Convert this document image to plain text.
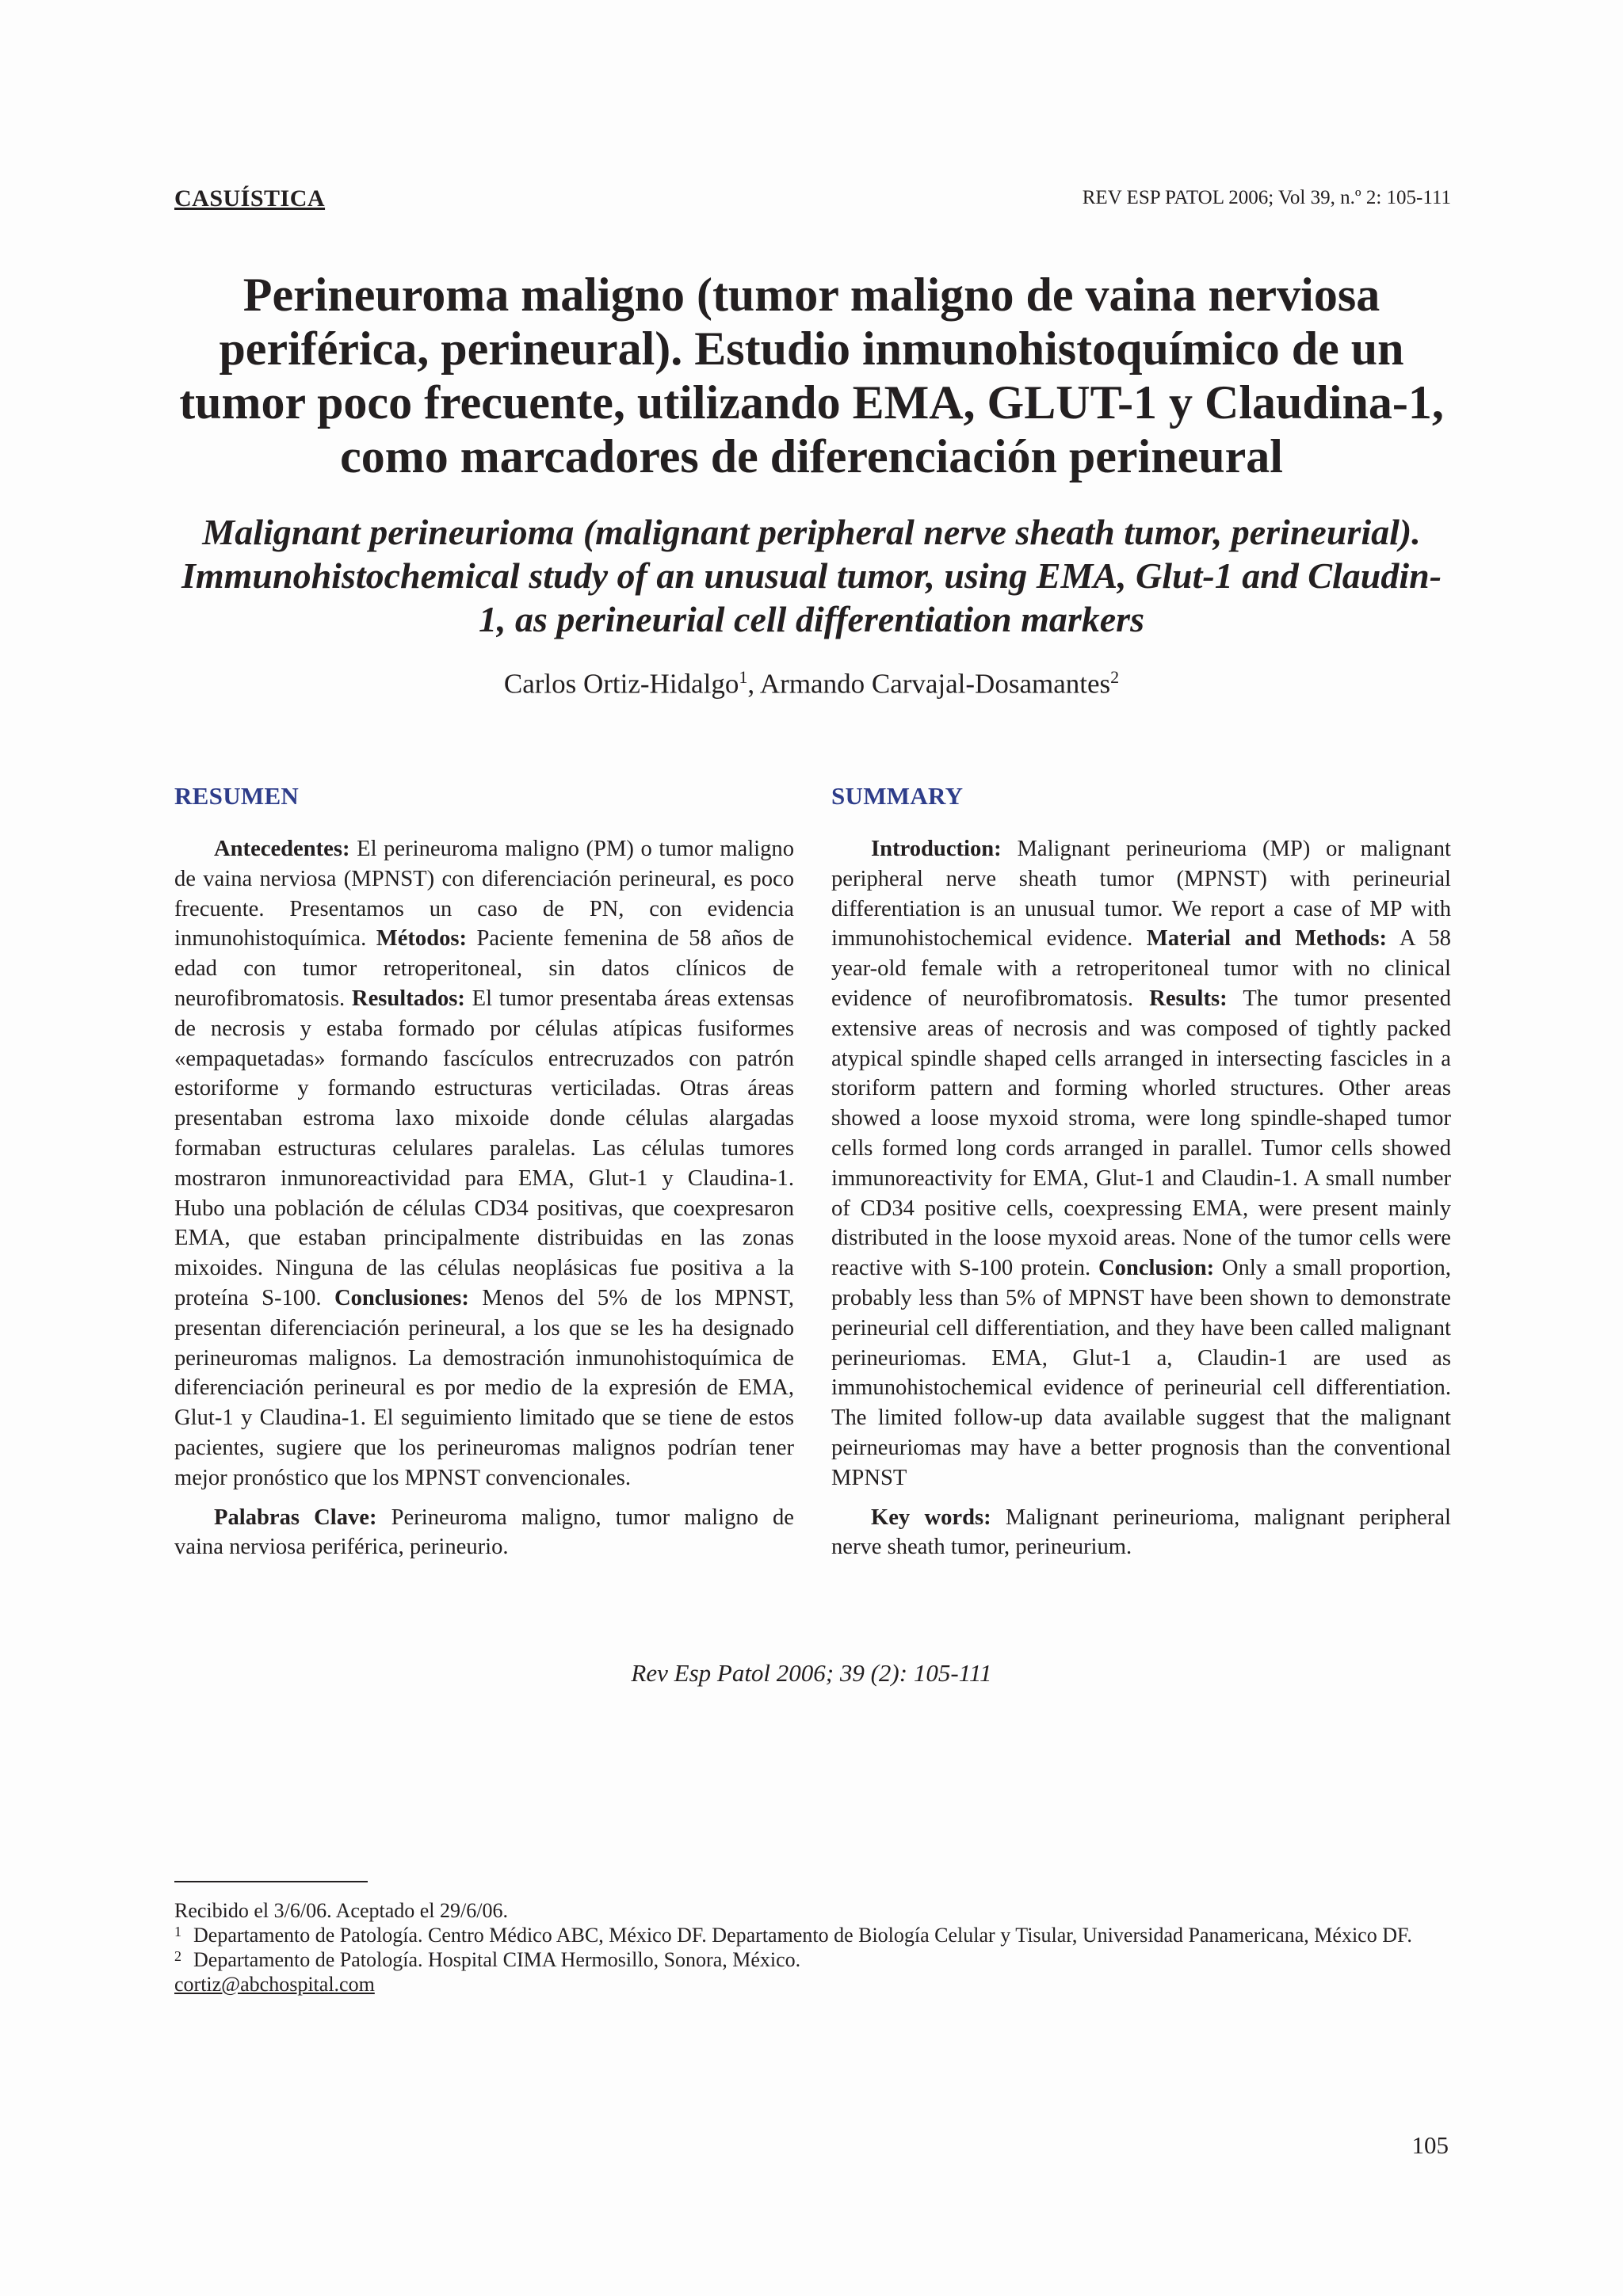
CASUÍSTICA	REV ESP PATOL 2006; Vol 39, n.º 2: 105-111
Perineuroma maligno (tumor maligno de vaina nerviosa periférica, perineural). Estudio inmunohistoquímico de un tumor poco frecuente, utilizando EMA, GLUT-1 y Claudina-1, como marcadores de diferenciación perineural
Malignant perineurioma (malignant peripheral nerve sheath tumor, perineurial). Immunohistochemical study of an unusual tumor, using EMA, Glut-1 and Claudin-1, as perineurial cell differentiation markers
Carlos Ortiz-Hidalgo$^1$, Armando Carvajal-Dosamantes$^2$
RESUMEN

Antecedentes: El perineuroma maligno (PM) o tumor maligno de vaina nerviosa (MPNST) con diferenciación perineural, es poco frecuente. Presentamos un caso de PN, con evidencia inmunohistoquímica. Métodos: Paciente femenina de 58 años de edad con tumor retroperitoneal, sin datos clínicos de neurofibromatosis. Resultados: El tumor presentaba áreas extensas de necrosis y estaba formado por células atípicas fusiformes «empaquetadas» formando fascículos entrecruzados con patrón estoriforme y formando estructuras verticiladas. Otras áreas presentaban estroma laxo mixoide donde células alargadas formaban estructuras celulares paralelas. Las células tumores mostraron inmunoreactividad para EMA, Glut-1 y Claudina-1. Hubo una población de células CD34 positivas, que coexpresaron EMA, que estaban principalmente distribuidas en las zonas mixoides. Ninguna de las células neoplásicas fue positiva a la proteína S-100. Conclusiones: Menos del 5% de los MPNST, presentan diferenciación perineural, a los que se les ha designado perineuromas malignos. La demostración inmunohistoquímica de diferenciación perineural es por medio de la expresión de EMA, Glut-1 y Claudina-1. El seguimiento limitado que se tiene de estos pacientes, sugiere que los perineuromas malignos podrían tener mejor pronóstico que los MPNST convencionales.

Palabras Clave: Perineuroma maligno, tumor maligno de vaina nerviosa periférica, perineurio.

SUMMARY

Introduction: Malignant perineurioma (MP) or malignant peripheral nerve sheath tumor (MPNST) with perineurial differentiation is an unusual tumor. We report a case of MP with immunohistochemical evidence. Material and Methods: A 58 year-old female with a retroperitoneal tumor with no clinical evidence of neurofibromatosis. Results: The tumor presented extensive areas of necrosis and was composed of tightly packed atypical spindle shaped cells arranged in intersecting fascicles in a storiform pattern and forming whorled structures. Other areas showed a loose myxoid stroma, were long spindle-shaped tumor cells formed long cords arranged in parallel. Tumor cells showed immunoreactivity for EMA, Glut-1 and Claudin-1. A small number of CD34 positive cells, coexpressing EMA, were present mainly distributed in the loose myxoid areas. None of the tumor cells were reactive with S-100 protein. Conclusion: Only a small proportion, probably less than 5% of MPNST have been shown to demonstrate perineurial cell differentiation, and they have been called malignant perineuriomas. EMA, Glut-1 a, Claudin-1 are used as immunohistochemical evidence of perineurial cell differentiation. The limited follow-up data available suggest that the malignant peirneuriomas may have a better prognosis than the conventional MPNST

Key words: Malignant perineurioma, malignant peripheral nerve sheath tumor, perineurium.

Rev Esp Patol 2006; 39 (2): 105-111
Recibido el 3/6/06. Aceptado el 29/6/06.
1 Departamento de Patología. Centro Médico ABC, México DF. Departamento de Biología Celular y Tisular, Universidad Panamericana, México DF.
2 Departamento de Patología. Hospital CIMA Hermosillo, Sonora, México.
cortiz@abchospital.com
105
